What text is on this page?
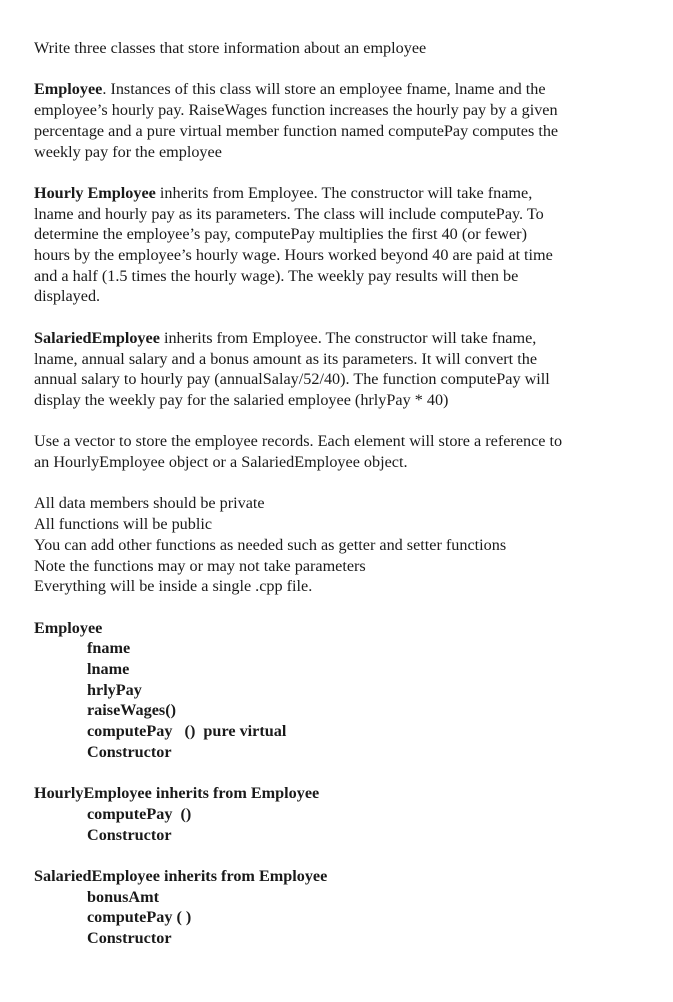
Write three classes that store information about an employee

Employee. Instances of this class will store an employee fname, lname and the
employee’s hourly pay. RaiseWages function increases the hourly pay by a given
percentage and a pure virtual member function named computePay computes the
weekly pay for the employee

Hourly Employee inherits from Employee. The constructor will take fname,
lname and hourly pay as its parameters. The class will include computePay. To
determine the employee’s pay, computePay multiplies the first 40 (or fewer)
hours by the employee’s hourly wage. Hours worked beyond 40 are paid at time
and a half (1.5 times the hourly wage). The weekly pay results will then be
displayed.

SalariedEmployee inherits from Employee. The constructor will take fname,
lname, annual salary and a bonus amount as its parameters. It will convert the
annual salary to hourly pay (annualSalay/52/40). The function computePay will
display the weekly pay for the salaried employee (hrlyPay * 40)

Use a vector to store the employee records. Each element will store a reference to
an HourlyEmployee object or a SalariedEmployee object.

All data members should be private
All functions will be public
You can add other functions as needed such as getter and setter functions
Note the functions may or may not take parameters
Everything will be inside a single .cpp file.

Employee
fname
lname
hrlyPay
raiseWages()
computePay   ()  pure virtual
Constructor

HourlyEmployee inherits from Employee
computePay  ()
Constructor

SalariedEmployee inherits from Employee
bonusAmt
computePay ( )
Constructor
